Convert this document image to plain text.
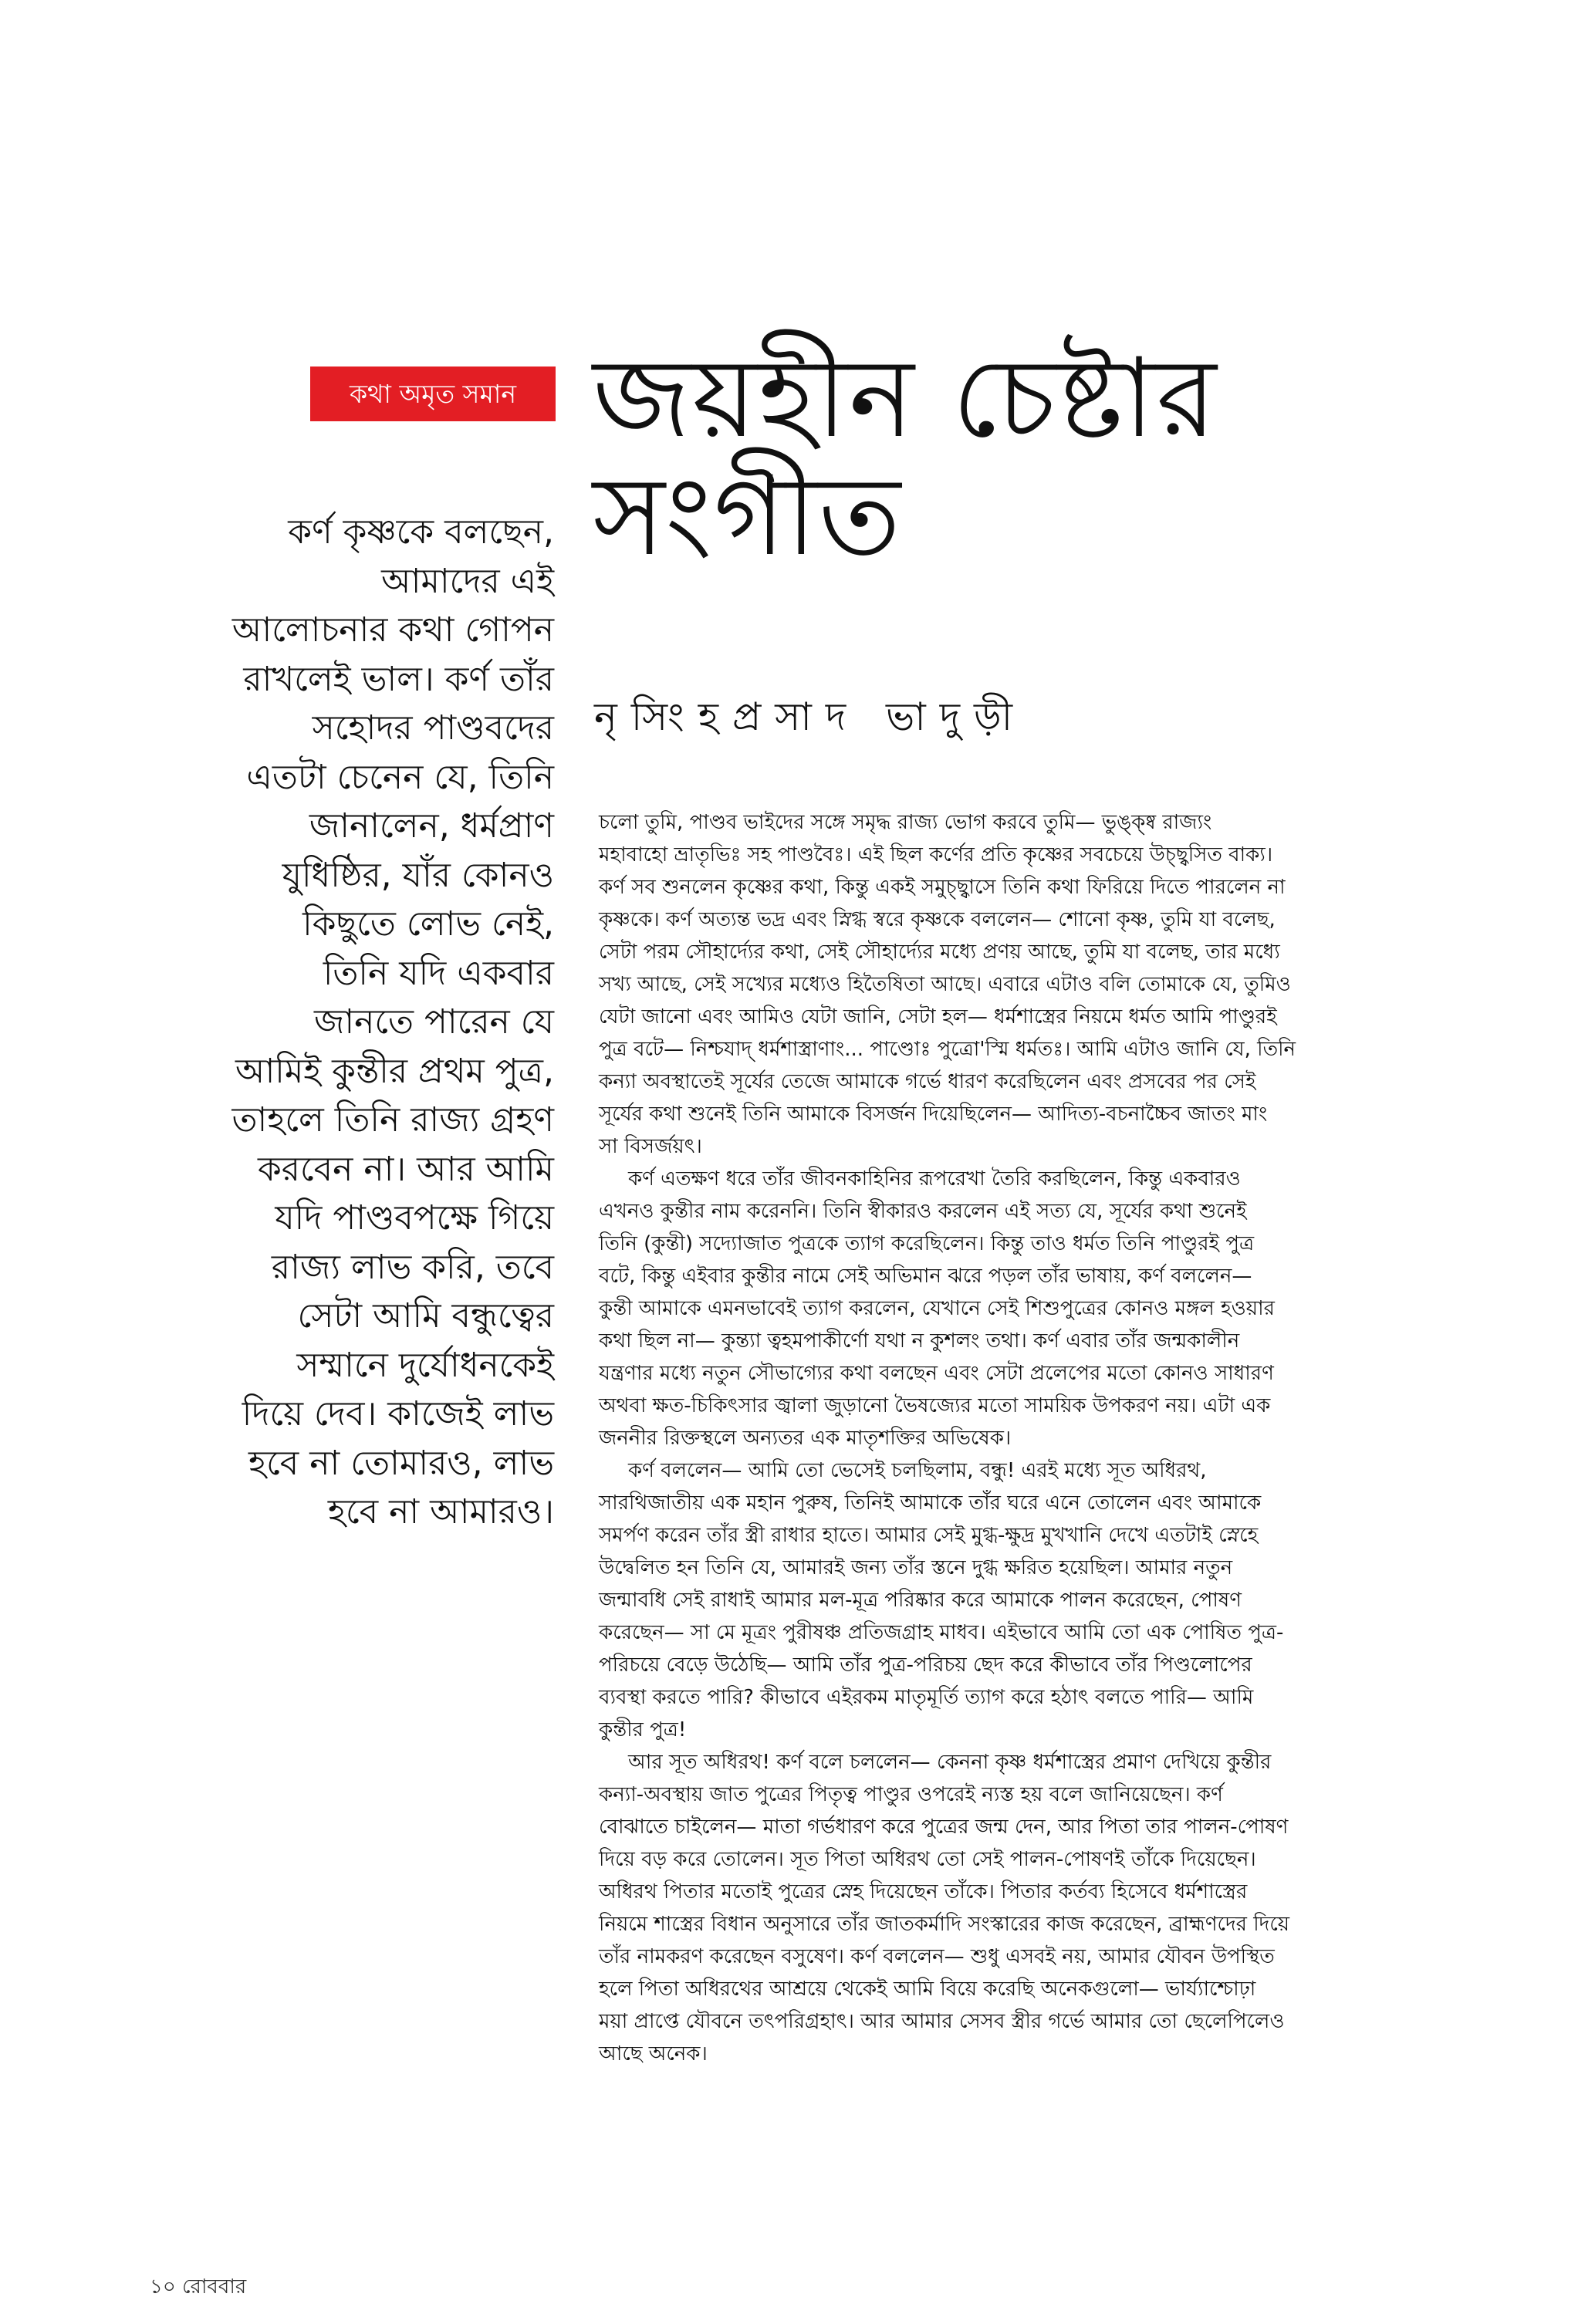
কথা অমৃত সমান জয়হীন চেষ্টার
সংগীত
নৃসিংহপ্রসাদ ভাদুড়ী
কর্ণ কৃষ্ণকে বলছেন,
আমাদের এই
আলোচনার কথা গোপন
রাখলেই ভাল। কর্ণ তাঁর
সহোদর পাণ্ডবদের
এতটা চেনেন যে, তিনি
জানালেন, ধর্মপ্রাণ
যুধিষ্ঠির, যাঁর কোনও
কিছুতে লোভ নেই,
তিনি যদি একবার
জানতে পারেন যে
আমিই কুন্তীর প্রথম পুত্র,
তাহলে তিনি রাজ্য গ্রহণ
করবেন না। আর আমি
যদি পাণ্ডবপক্ষে গিয়ে
রাজ্য লাভ করি, তবে
সেটা আমি বন্ধুত্বের
সম্মানে দুর্যোধনকেই
দিয়ে দেব। কাজেই লাভ
হবে না তোমারও, লাভ
হবে না আমারও।
চলো তুমি, পাণ্ডব ভাইদের সঙ্গে সমৃদ্ধ রাজ্য ভোগ করবে তুমি— ভুঙ্ক্ষ্ব রাজ্যং
মহাবাহো ভ্রাতৃভিঃ সহ পাণ্ডবৈঃ। এই ছিল কর্ণের প্রতি কৃষ্ণের সবচেয়ে উচ্ছ্বসিত বাক্য।
কর্ণ সব শুনলেন কৃষ্ণের কথা, কিন্তু একই সমুচ্ছ্বাসে তিনি কথা ফিরিয়ে দিতে পারলেন না
কৃষ্ণকে। কর্ণ অত্যন্ত ভদ্র এবং স্নিগ্ধ স্বরে কৃষ্ণকে বললেন— শোনো কৃষ্ণ, তুমি যা বলেছ,
সেটা পরম সৌহার্দ্যের কথা, সেই সৌহার্দ্যের মধ্যে প্রণয় আছে, তুমি যা বলেছ, তার মধ্যে
সখ্য আছে, সেই সখ্যের মধ্যেও হিতৈষিতা আছে। এবারে এটাও বলি তোমাকে যে, তুমিও
যেটা জানো এবং আমিও যেটা জানি, সেটা হল— ধর্মশাস্ত্রের নিয়মে ধর্মত আমি পাণ্ডুরই
পুত্র বটে— নিশ্চযাদ্ ধর্মশাস্ত্রাণাং... পাণ্ডোঃ পুত্রো'স্মি ধর্মতঃ। আমি এটাও জানি যে, তিনি
কন্যা অবস্থাতেই সূর্যের তেজে আমাকে গর্ভে ধারণ করেছিলেন এবং প্রসবের পর সেই
সূর্যের কথা শুনেই তিনি আমাকে বিসর্জন দিয়েছিলেন— আদিত্য-বচনাচ্চৈব জাতং মাং
সা বিসর্জয়ৎ।
কর্ণ এতক্ষণ ধরে তাঁর জীবনকাহিনির রূপরেখা তৈরি করছিলেন, কিন্তু একবারও
এখনও কুন্তীর নাম করেননি। তিনি স্বীকারও করলেন এই সত্য যে, সূর্যের কথা শুনেই
তিনি (কুন্তী) সদ্যোজাত পুত্রকে ত্যাগ করেছিলেন। কিন্তু তাও ধর্মত তিনি পাণ্ডুরই পুত্র
বটে, কিন্তু এইবার কুন্তীর নামে সেই অভিমান ঝরে পড়ল তাঁর ভাষায়, কর্ণ বললেন—
কুন্তী আমাকে এমনভাবেই ত্যাগ করলেন, যেখানে সেই শিশুপুত্রের কোনও মঙ্গল হওয়ার
কথা ছিল না— কুন্ত্যা ত্বহমপাকীর্ণো যথা ন কুশলং তথা। কর্ণ এবার তাঁর জন্মকালীন
যন্ত্রণার মধ্যে নতুন সৌভাগ্যের কথা বলছেন এবং সেটা প্রলেপের মতো কোনও সাধারণ
অথবা ক্ষত-চিকিৎসার জ্বালা জুড়ানো ভৈষজ্যের মতো সাময়িক উপকরণ নয়। এটা এক
জননীর রিক্তস্থলে অন্যতর এক মাতৃশক্তির অভিষেক।
কর্ণ বললেন— আমি তো ভেসেই চলছিলাম, বন্ধু! এরই মধ্যে সূত অধিরথ,
সারথিজাতীয় এক মহান পুরুষ, তিনিই আমাকে তাঁর ঘরে এনে তোলেন এবং আমাকে
সমর্পণ করেন তাঁর স্ত্রী রাধার হাতে। আমার সেই মুগ্ধ-ক্ষুদ্র মুখখানি দেখে এতটাই স্নেহে
উদ্বেলিত হন তিনি যে, আমারই জন্য তাঁর স্তনে দুগ্ধ ক্ষরিত হয়েছিল। আমার নতুন
জন্মাবধি সেই রাধাই আমার মল-মূত্র পরিষ্কার করে আমাকে পালন করেছেন, পোষণ
করেছেন— সা মে মূত্রং পুরীষঞ্চ প্রতিজগ্রাহ মাধব। এইভাবে আমি তো এক পোষিত পুত্র-
পরিচয়ে বেড়ে উঠেছি— আমি তাঁর পুত্র-পরিচয় ছেদ করে কীভাবে তাঁর পিণ্ডলোপের
ব্যবস্থা করতে পারি? কীভাবে এইরকম মাতৃমূর্তি ত্যাগ করে হঠাৎ বলতে পারি— আমি
কুন্তীর পুত্র!
আর সূত অধিরথ! কর্ণ বলে চললেন— কেননা কৃষ্ণ ধর্মশাস্ত্রের প্রমাণ দেখিয়ে কুন্তীর
কন্যা-অবস্থায় জাত পুত্রের পিতৃত্ব পাণ্ডুর ওপরেই ন্যস্ত হয় বলে জানিয়েছেন। কর্ণ
বোঝাতে চাইলেন— মাতা গর্ভধারণ করে পুত্রের জন্ম দেন, আর পিতা তার পালন-পোষণ
দিয়ে বড় করে তোলেন। সূত পিতা অধিরথ তো সেই পালন-পোষণই তাঁকে দিয়েছেন।
অধিরথ পিতার মতোই পুত্রের স্নেহ দিয়েছেন তাঁকে। পিতার কর্তব্য হিসেবে ধর্মশাস্ত্রের
নিয়মে শাস্ত্রের বিধান অনুসারে তাঁর জাতকর্মাদি সংস্কারের কাজ করেছেন, ব্রাহ্মণদের দিয়ে
তাঁর নামকরণ করেছেন বসুষেণ। কর্ণ বললেন— শুধু এসবই নয়, আমার যৌবন উপস্থিত
হলে পিতা অধিরথের আশ্রয়ে থেকেই আমি বিয়ে করেছি অনেকগুলো— ভার্য্যাশ্চোঢ়া
ময়া প্রাপ্তে যৌবনে তৎপরিগ্রহাৎ। আর আমার সেসব স্ত্রীর গর্ভে আমার তো ছেলেপিলেও
আছে অনেক।
১০ রোববার
